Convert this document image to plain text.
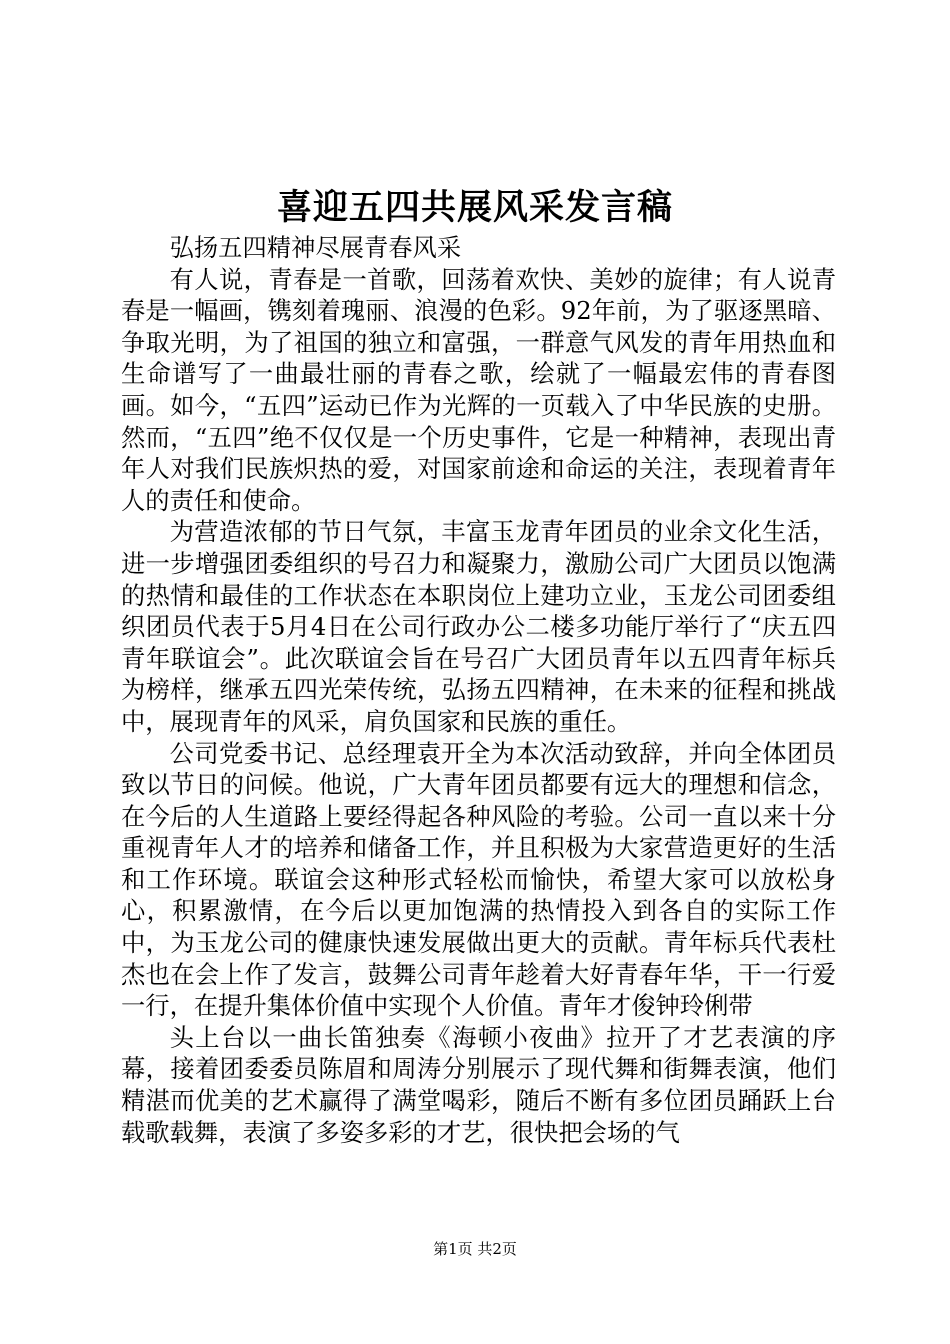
喜迎五四共展风采发言稿

弘扬五四精神尽展青春风采

有人说，青春是一首歌，回荡着欢快、美妙的旋律；有人说青春是一幅画，镌刻着瑰丽、浪漫的色彩。92年前，为了驱逐黑暗、争取光明，为了祖国的独立和富强，一群意气风发的青年用热血和生命谱写了一曲最壮丽的青春之歌，绘就了一幅最宏伟的青春图画。如今，“五四”运动已作为光辉的一页载入了中华民族的史册。然而，“五四”绝不仅仅是一个历史事件，它是一种精神，表现出青年人对我们民族炽热的爱，对国家前途和命运的关注，表现着青年人的责任和使命。

为营造浓郁的节日气氛，丰富玉龙青年团员的业余文化生活，进一步增强团委组织的号召力和凝聚力，激励公司广大团员以饱满的热情和最佳的工作状态在本职岗位上建功立业，玉龙公司团委组织团员代表于5月4日在公司行政办公二楼多功能厅举行了“庆五四青年联谊会”。此次联谊会旨在号召广大团员青年以五四青年标兵为榜样，继承五四光荣传统，弘扬五四精神，在未来的征程和挑战中，展现青年的风采，肩负国家和民族的重任。

公司党委书记、总经理袁开全为本次活动致辞，并向全体团员致以节日的问候。他说，广大青年团员都要有远大的理想和信念，在今后的人生道路上要经得起各种风险的考验。公司一直以来十分重视青年人才的培养和储备工作，并且积极为大家营造更好的生活和工作环境。联谊会这种形式轻松而愉快，希望大家可以放松身心，积累激情，在今后以更加饱满的热情投入到各自的实际工作中，为玉龙公司的健康快速发展做出更大的贡献。青年标兵代表杜杰也在会上作了发言，鼓舞公司青年趁着大好青春年华，干一行爱一行，在提升集体价值中实现个人价值。青年才俊钟玲俐带

头上台以一曲长笛独奏《海顿小夜曲》拉开了才艺表演的序幕，接着团委委员陈眉和周涛分别展示了现代舞和街舞表演，他们精湛而优美的艺术赢得了满堂喝彩，随后不断有多位团员踊跃上台载歌载舞，表演了多姿多彩的才艺，很快把会场的气

第1页 共2页
